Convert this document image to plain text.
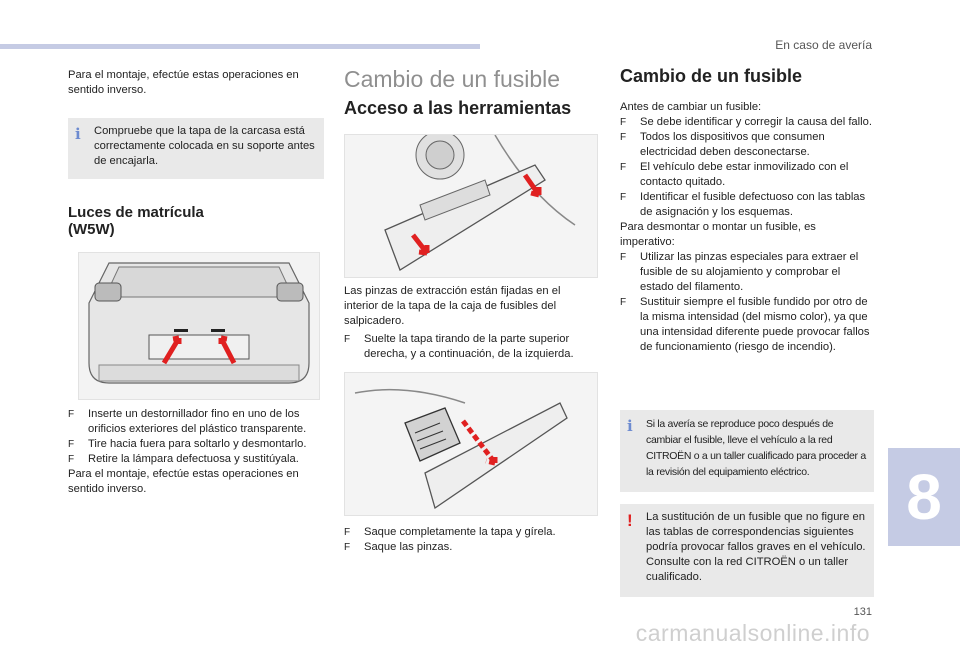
En caso de avería

Para el montaje, efectúe estas operaciones en sentido inverso.

i Compruebe que la tapa de la carcasa está correctamente colocada en su soporte antes de encajarla.

Luces de matrícula
(W5W)
F Inserte un destornillador fino en uno de los orificios exteriores del plástico transparente.
F Tire hacia fuera para soltarlo y desmontarlo.
F Retire la lámpara defectuosa y sustitúyala.

Para el montaje, efectúe estas operaciones en sentido inverso.

Cambio de un fusible
Acceso a las herramientas

Las pinzas de extracción están fijadas en el interior de la tapa de la caja de fusibles del salpicadero.

F Suelte la tapa tirando de la parte superior derecha, y a continuación, de la izquierda.
F Saque completamente la tapa y gírela.
F Saque las pinzas.
Cambio de un fusible

Antes de cambiar un fusible:

F Se debe identificar y corregir la causa del fallo.
F Todos los dispositivos que consumen electricidad deben desconectarse.
F El vehículo debe estar inmovilizado con el contacto quitado.
F Identificar el fusible defectuoso con las tablas de asignación y los esquemas.

Para desmontar o montar un fusible, es imperativo:

F Utilizar las pinzas especiales para extraer el fusible de su alojamiento y comprobar el estado del filamento.
F Sustituir siempre el fusible fundido por otro de la misma intensidad (del mismo color), ya que una intensidad diferente puede provocar fallos de funcionamiento (riesgo de incendio).
i Si la avería se reproduce poco después de cambiar el fusible, lleve el vehículo a la red CITROËN o a un taller cualificado para proceder a la revisión del equipamiento eléctrico.

! La sustitución de un fusible que no figure en las tablas de correspondencias siguientes podría provocar fallos graves en el vehículo. Consulte con la red CITROËN o un taller cualificado.

8
131
carmanualsonline.info
